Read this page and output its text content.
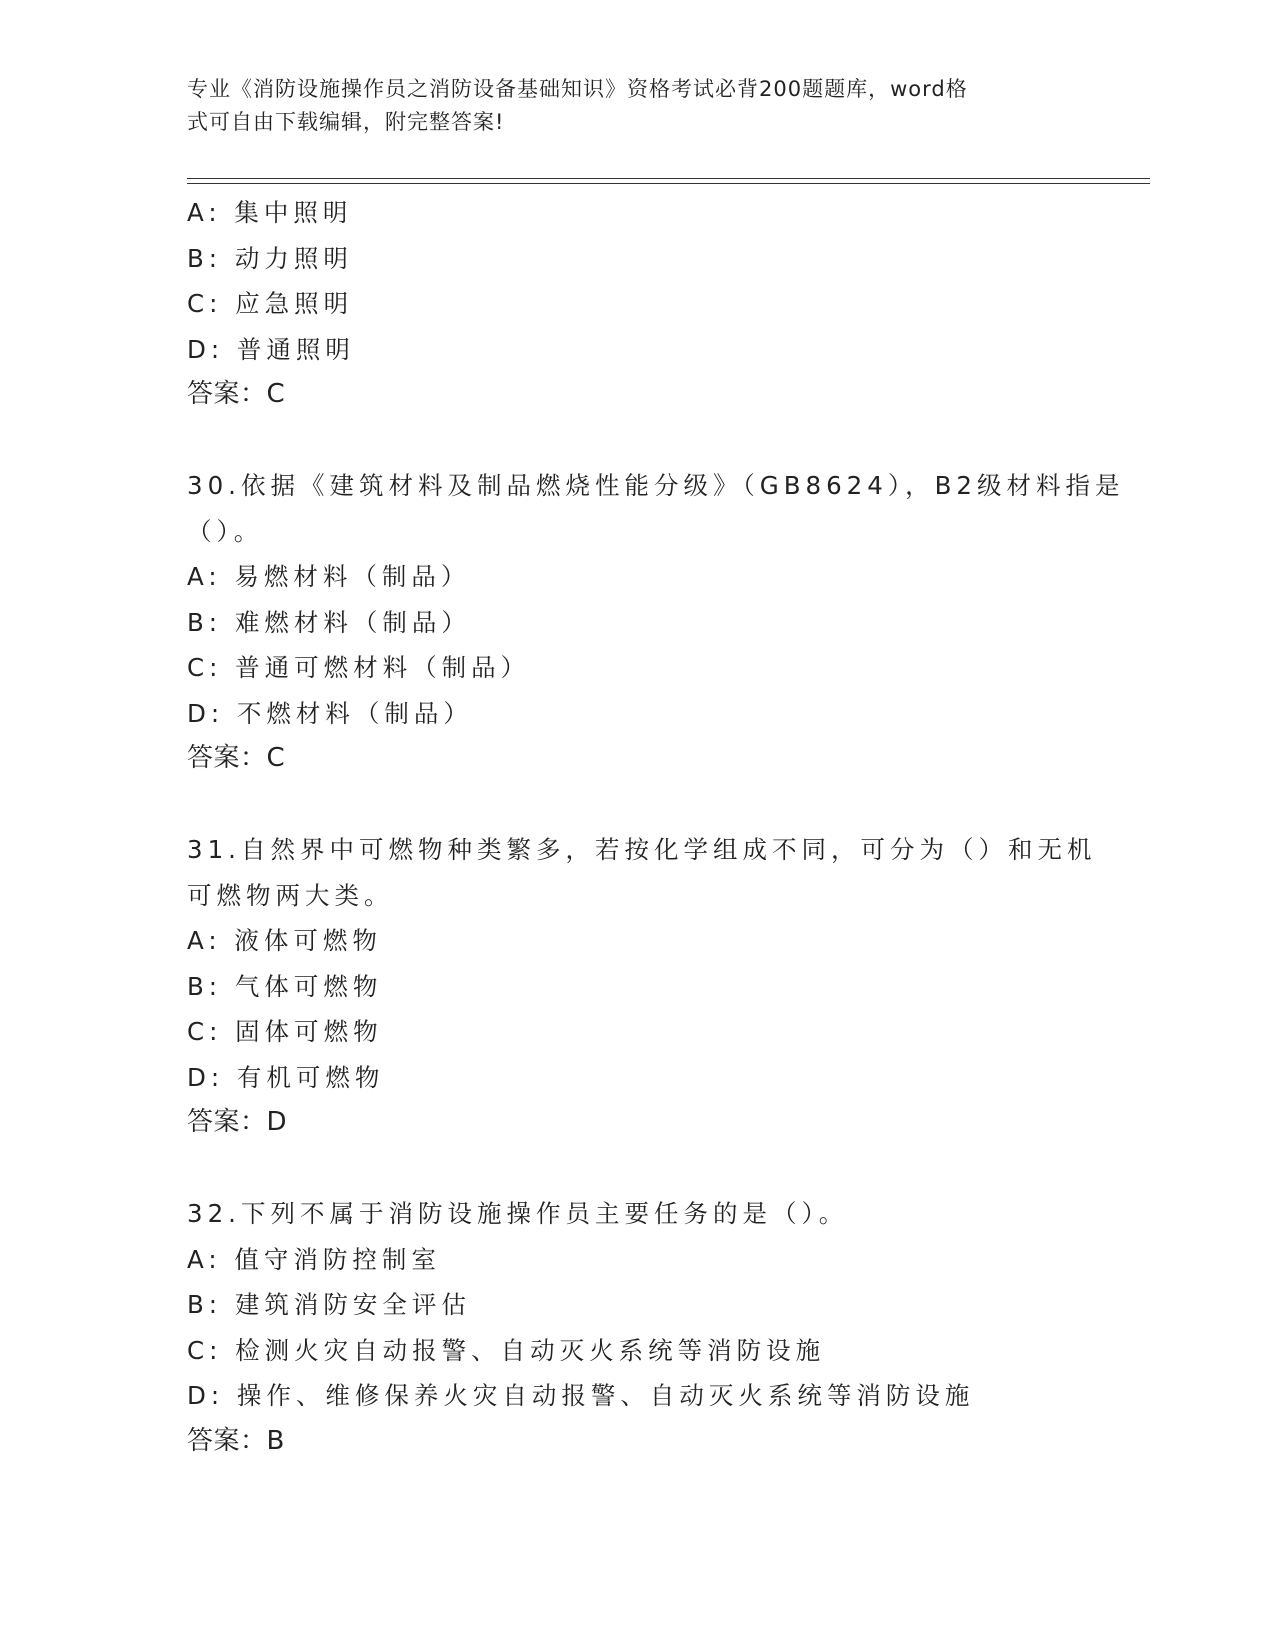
专业《消防设施操作员之消防设备基础知识》资格考试必背200题题库，word格
式可自由下载编辑，附完整答案!
A: 集中照明
B: 动力照明
C: 应急照明
D: 普通照明
答案：C
30.依据《建筑材料及制品燃烧性能分级》（GB8624），B2级材料指是
（）。
A: 易燃材料（制品）
B: 难燃材料（制品）
C: 普通可燃材料（制品）
D: 不燃材料（制品）
答案：C
31.自然界中可燃物种类繁多，若按化学组成不同，可分为（）和无机
可燃物两大类。
A: 液体可燃物
B: 气体可燃物
C: 固体可燃物
D: 有机可燃物
答案：D
32.下列不属于消防设施操作员主要任务的是（）。
A: 值守消防控制室
B: 建筑消防安全评估
C: 检测火灾自动报警、自动灭火系统等消防设施
D: 操作、维修保养火灾自动报警、自动灭火系统等消防设施
答案：B
